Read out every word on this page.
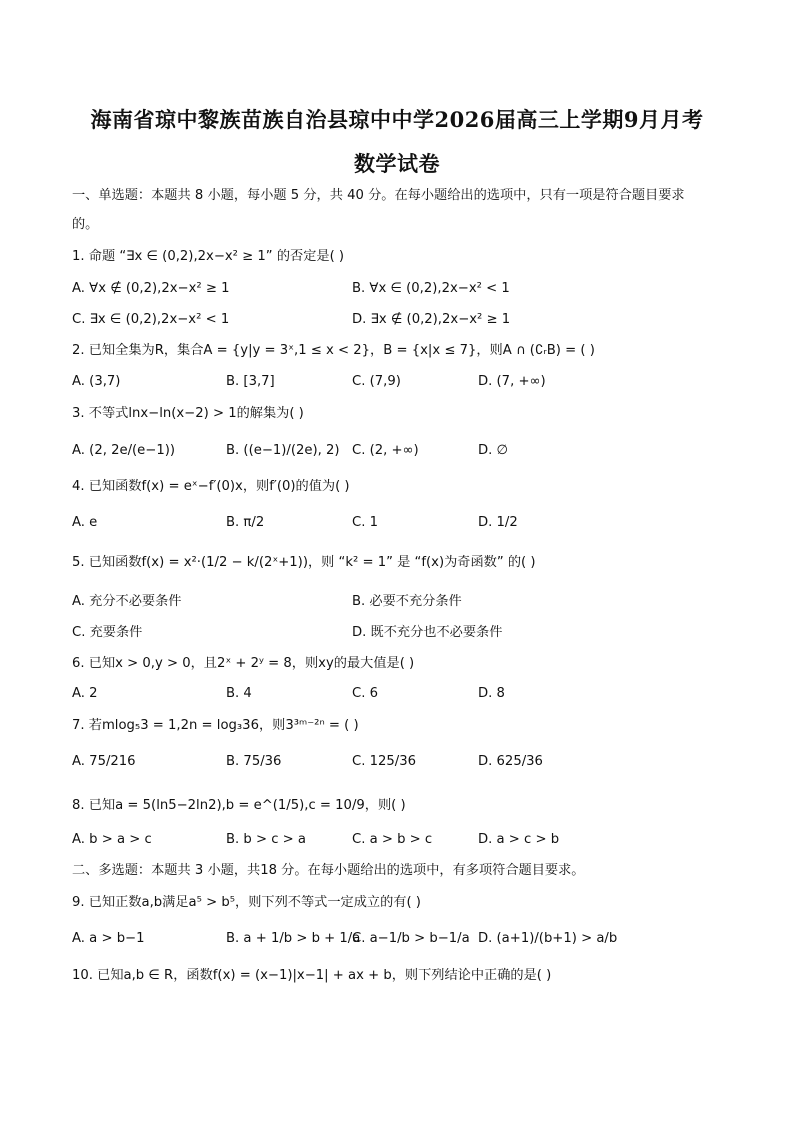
海南省琼中黎族苗族自治县琼中中学2026届高三上学期9月月考
数学试卷
一、单选题：本题共 8 小题，每小题 5 分，共 40 分。在每小题给出的选项中，只有一项是符合题目要求
的。
1. 命题 “∃x ∈ (0,2),2x−x² ≥ 1” 的否定是( )
A. ∀x ∉ (0,2),2x−x² ≥ 1	B. ∀x ∈ (0,2),2x−x² < 1
C. ∃x ∈ (0,2),2x−x² < 1	D. ∃x ∉ (0,2),2x−x² ≥ 1
2. 已知全集为R，集合A = {y|y = 3ˣ,1 ≤ x < 2}，B = {x|x ≤ 7}，则A ∩ (∁ᵣB) = ( )
A. (3,7)	B. [3,7]	C. (7,9)	D. (7, +∞)
3. 不等式lnx−ln(x−2) > 1的解集为( )
A. (2, 2e/(e−1))	B. ((e−1)/(2e), 2) C. (2, +∞)	D. ∅
4. 已知函数f(x) = eˣ−f′(0)x，则f′(0)的值为( )
A. e	B. π/2	C. 1	D. 1/2
5. 已知函数f(x) = x²·(1/2 − k/(2ˣ+1))，则 “k² = 1” 是 “f(x)为奇函数” 的( )
A. 充分不必要条件	B. 必要不充分条件
C. 充要条件	D. 既不充分也不必要条件
6. 已知x > 0,y > 0，且2ˣ + 2ʸ = 8，则xy的最大值是( )
A. 2	B. 4	C. 6	D. 8
7. 若mlog₅3 = 1,2n = log₃36，则3³ᵐ⁻²ⁿ = ( )
A. 75/216	B. 75/36	C. 125/36	D. 625/36
8. 已知a = 5(ln5−2ln2),b = e^(1/5),c = 10/9，则( )
A. b > a > c	B. b > c > a	C. a > b > c	D. a > c > b
二、多选题：本题共 3 小题，共18 分。在每小题给出的选项中，有多项符合题目要求。
9. 已知正数a,b满足a⁵ > b⁵，则下列不等式一定成立的有( )
A. a > b−1	B. a + 1/b > b + 1/a
C. a−1/b > b−1/a D. (a+1)/(b+1) > a/b
10. 已知a,b ∈ R，函数f(x) = (x−1)|x−1| + ax + b，则下列结论中正确的是( )
